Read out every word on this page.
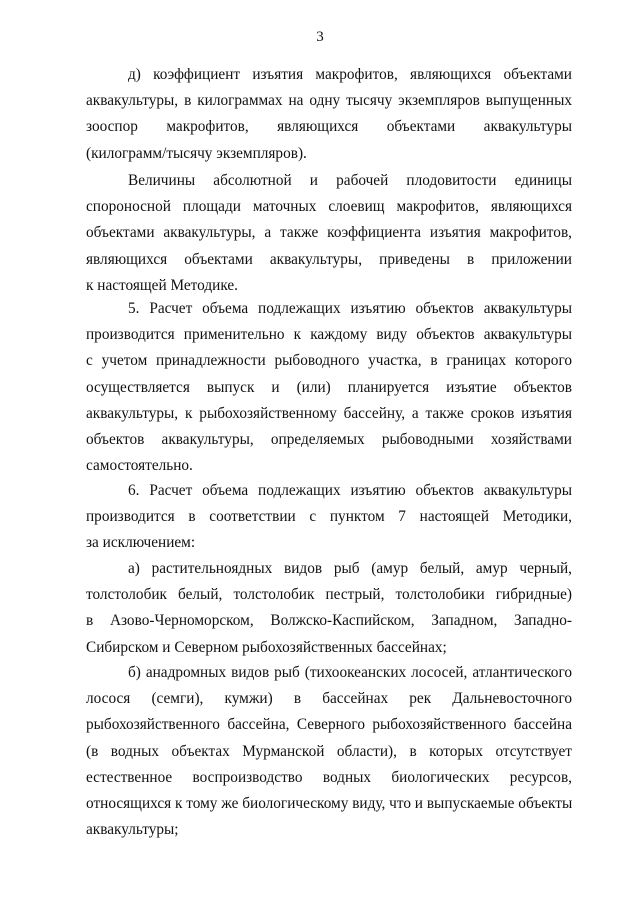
3
д) коэффициент изъятия макрофитов, являющихся объектами
аквакультуры, в килограммах на одну тысячу экземпляров выпущенных
зооспор макрофитов, являющихся объектами аквакультуры
(килограмм/тысячу экземпляров).
Величины абсолютной и рабочей плодовитости единицы
спороносной площади маточных слоевищ макрофитов, являющихся
объектами аквакультуры, а также коэффициента изъятия макрофитов,
являющихся объектами аквакультуры, приведены в приложении
к настоящей Методике.
5. Расчет объема подлежащих изъятию объектов аквакультуры
производится применительно к каждому виду объектов аквакультуры
с учетом принадлежности рыбоводного участка, в границах которого
осуществляется выпуск и (или) планируется изъятие объектов
аквакультуры, к рыбохозяйственному бассейну, а также сроков изъятия
объектов аквакультуры, определяемых рыбоводными хозяйствами
самостоятельно.
6. Расчет объема подлежащих изъятию объектов аквакультуры
производится в соответствии с пунктом 7 настоящей Методики,
за исключением:
а) растительноядных видов рыб (амур белый, амур черный,
толстолобик белый, толстолобик пестрый, толстолобики гибридные)
в Азово-Черноморском, Волжско-Каспийском, Западном, Западно-
Сибирском и Северном рыбохозяйственных бассейнах;
б) анадромных видов рыб (тихоокеанских лососей, атлантического
лосося (семги), кумжи) в бассейнах рек Дальневосточного
рыбохозяйственного бассейна, Северного рыбохозяйственного бассейна
(в водных объектах Мурманской области), в которых отсутствует
естественное воспроизводство водных биологических ресурсов,
относящихся к тому же биологическому виду, что и выпускаемые объекты
аквакультуры;
